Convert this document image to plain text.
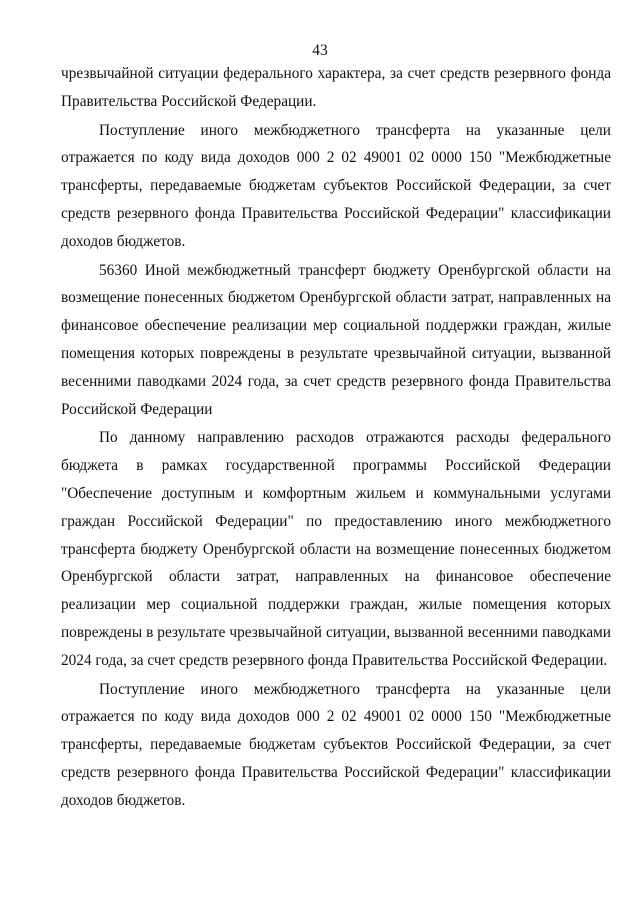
43

чрезвычайной ситуации федерального характера, за счет средств резервного фонда Правительства Российской Федерации.

Поступление иного межбюджетного трансферта на указанные цели отражается по коду вида доходов 000 2 02 49001 02 0000 150 "Межбюджетные трансферты, передаваемые бюджетам субъектов Российской Федерации, за счет средств резервного фонда Правительства Российской Федерации" классификации доходов бюджетов.

56360 Иной межбюджетный трансферт бюджету Оренбургской области на возмещение понесенных бюджетом Оренбургской области затрат, направленных на финансовое обеспечение реализации мер социальной поддержки граждан, жилые помещения которых повреждены в результате чрезвычайной ситуации, вызванной весенними паводками 2024 года, за счет средств резервного фонда Правительства Российской Федерации

По данному направлению расходов отражаются расходы федерального бюджета в рамках государственной программы Российской Федерации "Обеспечение доступным и комфортным жильем и коммунальными услугами граждан Российской Федерации" по предоставлению иного межбюджетного трансферта бюджету Оренбургской области на возмещение понесенных бюджетом Оренбургской области затрат, направленных на финансовое обеспечение реализации мер социальной поддержки граждан, жилые помещения которых повреждены в результате чрезвычайной ситуации, вызванной весенними паводками 2024 года, за счет средств резервного фонда Правительства Российской Федерации.

Поступление иного межбюджетного трансферта на указанные цели отражается по коду вида доходов 000 2 02 49001 02 0000 150 "Межбюджетные трансферты, передаваемые бюджетам субъектов Российской Федерации, за счет средств резервного фонда Правительства Российской Федерации" классификации доходов бюджетов.
